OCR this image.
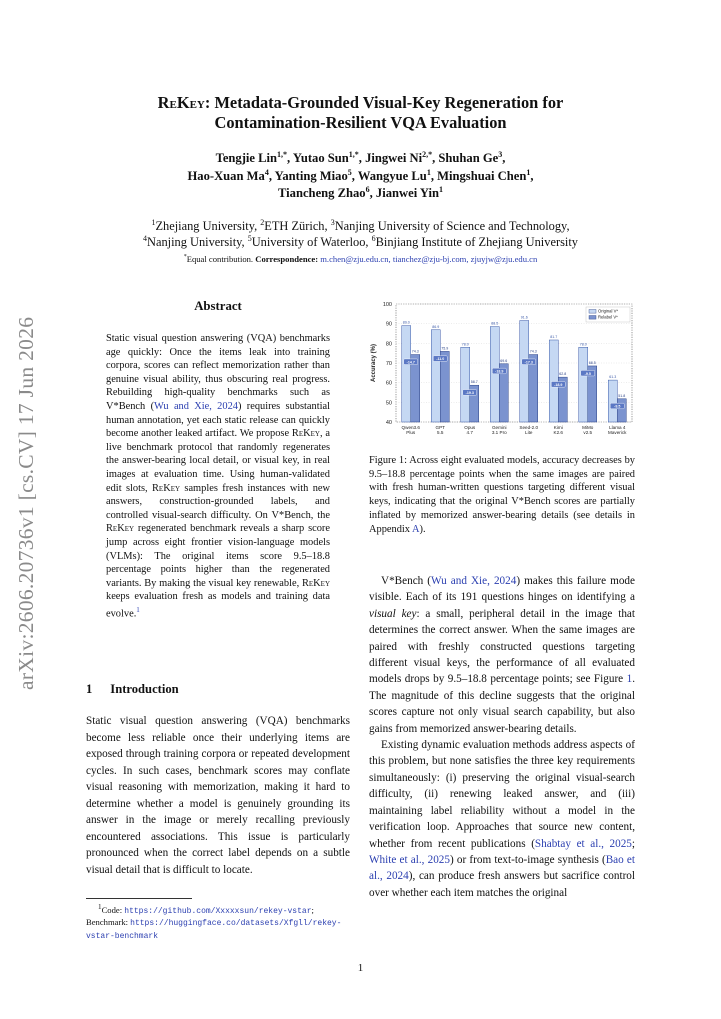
ReKey: Metadata-Grounded Visual-Key Regeneration for
Contamination-Resilient VQA Evaluation
Tengjie Lin$^{1,*}$, Yutao Sun$^{1,*}$, Jingwei $Ni^{2,*}$, Shuhan Ge$^3$,
Hao-Xuan Ma$^4$, Yanting Miao$^5$, Wangyue Lu$^1$, Mingshuai Chen$^1$,
Tiancheng Zhao$^6$, Jianwei Yin$^1$
$^1$Zhejiang University, $^2$ETH Zürich, $^3$Nanjing University of Science and Technology,
$^4$Nanjing University, $^5$University of Waterloo, $^6$Binjiang Institute of Zhejiang University
*Equal contribution. Correspondence: m.chen@zju.edu.cn, tianchez@zju-bj.com, zjuyjw@zju.edu.cn
arXiv:2606.20736v1 [cs.CV] 17 Jun 2026
Abstract
Static visual question answering (VQA) benchmarks age quickly: Once the items leak into training corpora, scores can reflect memorization rather than genuine visual ability, thus obscuring real progress. Rebuilding high-quality benchmarks such as V*Bench (Wu and Xie, 2024) requires substantial human annotation, yet each static release can quickly become another leaked artifact. We propose ReKey, a live benchmark protocol that randomly regenerates the answer-bearing local detail, or visual key, in real images at evaluation time. Using human-validated edit slots, ReKey samples fresh instances with new answers, construction-grounded labels, and controlled visual-search difficulty. On V*Bench, the ReKey regenerated benchmark reveals a sharp score jump across eight frontier vision-language models (VLMs): The original items score 9.5–18.8 percentage points higher than the regenerated variants. By making the visual key renewable, ReKey keeps evaluation fresh as models and training data evolve.$^1$
1 Introduction
Static visual question answering (VQA) benchmarks become less reliable once their underlying items are exposed through training corpora or repeated development cycles. In such cases, benchmark scores may conflate visual reasoning with memorization, making it hard to determine whether a model is genuinely grounding its answer in the image or merely recalling previously encountered associations. This issue is particularly pronounced when the correct label depends on a subtle visual detail that is difficult to locate.
$^1$Code: https://github.com/Xxxxxsun/rekey-vstar;
Benchmark: https://huggingface.co/datasets/Xfgll/rekey-vstar-benchmark
40
50
60
70
80
90
100
Accuracy (%)
89.0
74.3
-14.7
Qwen3.6
Plus
86.9
75.9
-11.0
GPT
5.5
78.0
58.7
-19.3
Opus
4.7
88.5
69.6
-18.9
Gemini
3.1 Pro
91.6
74.3
-17.3
Seed-2.0
Lite
81.7
62.8
-18.9
Kimi
K2.6
78.0
68.5
-9.5
MiMo
v2.5
61.3
51.8
-9.5
Llama 4
Maverick
Original V*
Relabel V*
Figure 1: Across eight evaluated models, accuracy decreases by 9.5–18.8 percentage points when the same images are paired with fresh human-written questions targeting different visual keys, indicating that the original V*Bench scores are partially inflated by memorized answer-bearing details (see details in Appendix A).

V*Bench (Wu and Xie, 2024) makes this failure mode visible. Each of its 191 questions hinges on identifying a visual key: a small, peripheral detail in the image that determines the correct answer. When the same images are paired with freshly constructed questions targeting different visual keys, the performance of all evaluated models drops by 9.5–18.8 percentage points; see Figure 1. The magnitude of this decline suggests that the original scores capture not only visual search capability, but also gains from memorized answer-bearing details.

Existing dynamic evaluation methods address aspects of this problem, but none satisfies the three key requirements simultaneously: (i) preserving the original visual-search difficulty, (ii) renewing leaked answer, and (iii) maintaining label reliability without a model in the verification loop. Approaches that source new content, whether from recent publications (Shabtay et al., 2025; White et al., 2025) or from text-to-image synthesis (Bao et al., 2024), can produce fresh answers but sacrifice control over whether each item matches the original

1
